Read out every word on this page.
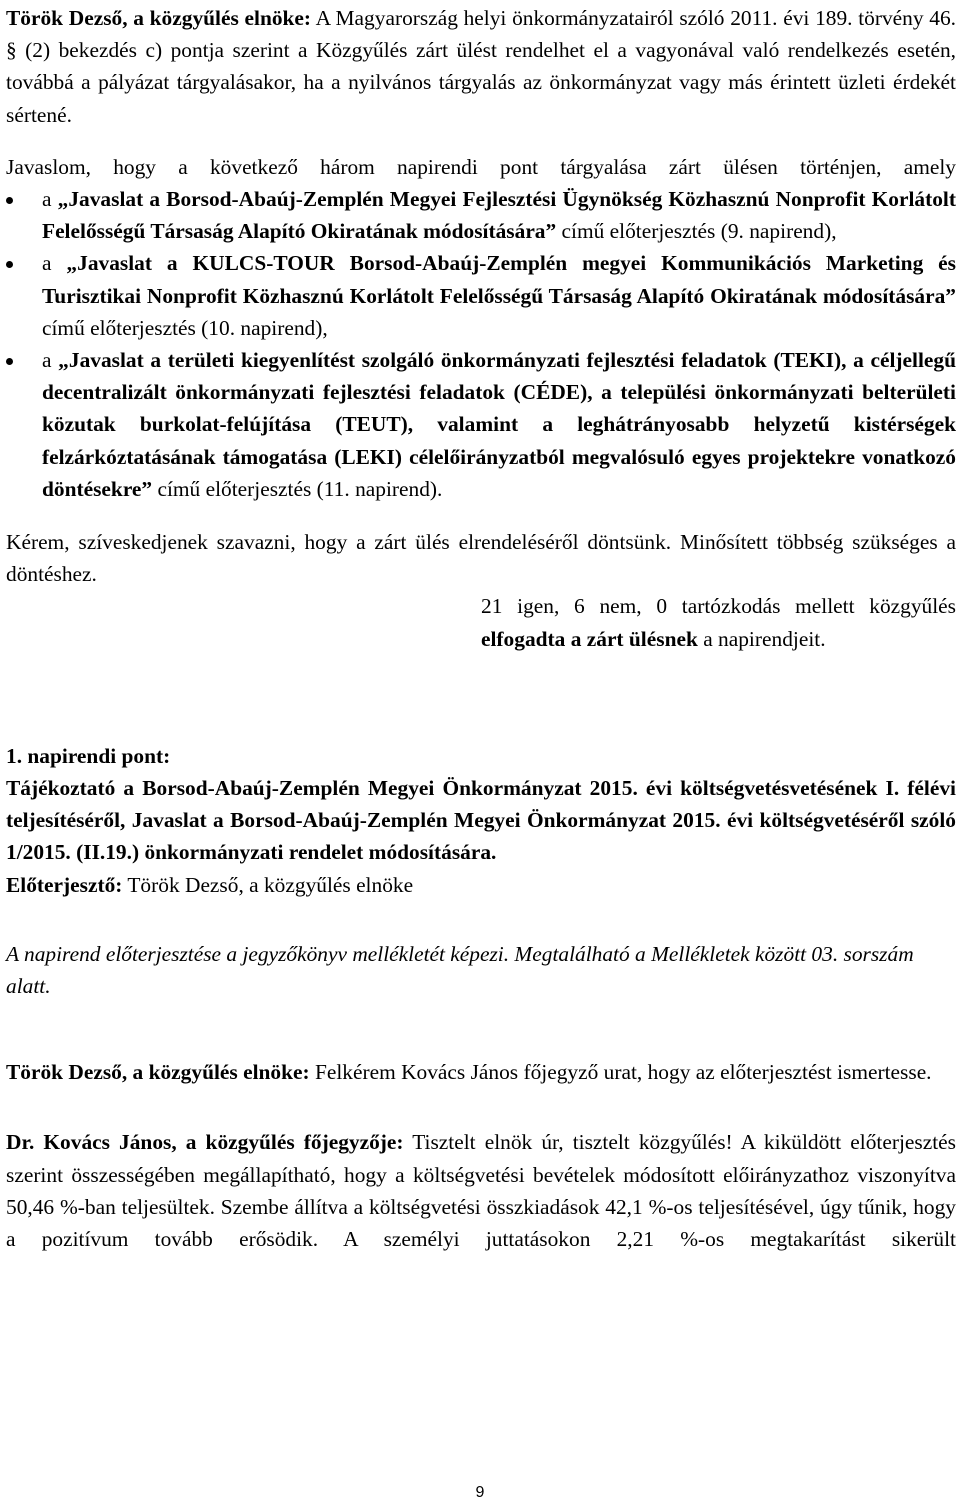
Török Dezső, a közgyűlés elnöke: A Magyarország helyi önkormányzatairól szóló 2011. évi 189. törvény 46. § (2) bekezdés c) pontja szerint a Közgyűlés zárt ülést rendelhet el a vagyonával való rendelkezés esetén, továbbá a pályázat tárgyalásakor, ha a nyilvános tárgyalás az önkormányzat vagy más érintett üzleti érdekét sértené.

Javaslom, hogy a következő három napirendi pont tárgyalása zárt ülésen történjen, amely

a „Javaslat a Borsod-Abaúj-Zemplén Megyei Fejlesztési Ügynökség Közhasznú Nonprofit Korlátolt Felelősségű Társaság Alapító Okiratának módosítására” című előterjesztés (9. napirend),
a „Javaslat a KULCS-TOUR Borsod-Abaúj-Zemplén megyei Kommunikációs Marketing és Turisztikai Nonprofit Közhasznú Korlátolt Felelősségű Társaság Alapító Okiratának módosítására” című előterjesztés (10. napirend),
a „Javaslat a területi kiegyenlítést szolgáló önkormányzati fejlesztési feladatok (TEKI), a céljellegű decentralizált önkormányzati fejlesztési feladatok (CÉDE), a települési önkormányzati belterületi közutak burkolat-felújítása (TEUT), valamint a leghátrányosabb helyzetű kistérségek felzárkóztatásának támogatása (LEKI) célelőirányzatból megvalósuló egyes projektekre vonatkozó döntésekre” című előterjesztés (11. napirend).

Kérem, szíveskedjenek szavazni, hogy a zárt ülés elrendeléséről döntsünk. Minősített többség szükséges a döntéshez.

21 igen, 6 nem, 0 tartózkodás mellett közgyűlés elfogadta a zárt ülésnek a napirendjeit.

1. napirendi pont:

Tájékoztató a Borsod-Abaúj-Zemplén Megyei Önkormányzat 2015. évi költségvetésvetésének I. félévi teljesítéséről, Javaslat a Borsod-Abaúj-Zemplén Megyei Önkormányzat 2015. évi költségvetéséről szóló 1/2015. (II.19.) önkormányzati rendelet módosítására.

Előterjesztő: Török Dezső, a közgyűlés elnöke

A napirend előterjesztése a jegyzőkönyv mellékletét képezi. Megtalálható a Mellékletek között 03. sorszám alatt.

Török Dezső, a közgyűlés elnöke: Felkérem Kovács János főjegyző urat, hogy az előterjesztést ismertesse.

Dr. Kovács János, a közgyűlés főjegyzője: Tisztelt elnök úr, tisztelt közgyűlés! A kiküldött előterjesztés szerint összességében megállapítható, hogy a költségvetési bevételek módosított előirányzathoz viszonyítva 50,46 %-ban teljesültek. Szembe állítva a költségvetési összkiadások 42,1 %-os teljesítésével, úgy tűnik, hogy a pozitívum tovább erősödik. A személyi juttatásokon 2,21 %-os megtakarítást sikerült

9
